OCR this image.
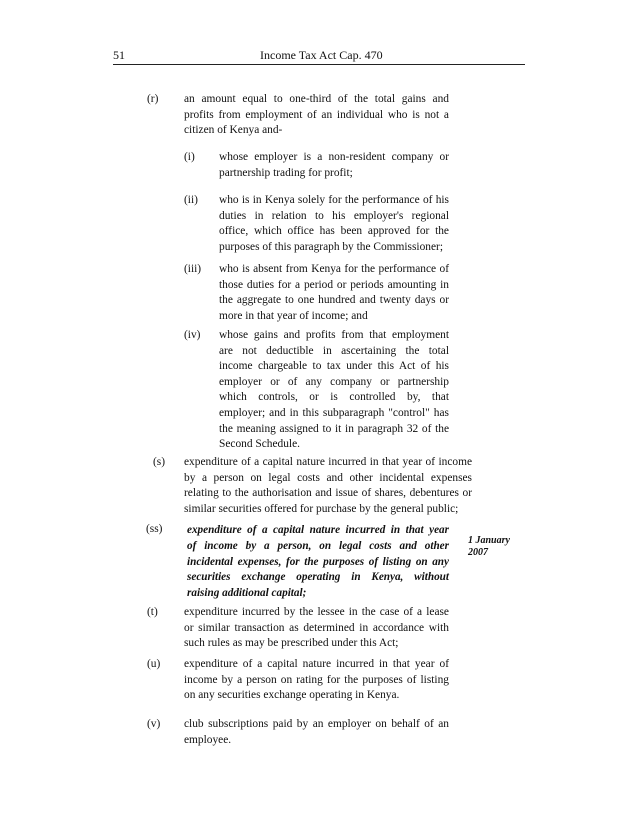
51	Income Tax Act Cap. 470
(r) an amount equal to one-third of the total gains and
profits from employment of an individual who is not a
citizen of Kenya and-
(i) whose employer is a non-resident company or
partnership trading for profit;
(ii) who is in Kenya solely for the performance of his
duties in relation to his employer's regional
office, which office has been approved for the
purposes of this paragraph by the Commissioner;
(iii) who is absent from Kenya for the performance of
those duties for a period or periods amounting in
the aggregate to one hundred and twenty days or
more in that year of income; and
(iv) whose gains and profits from that employment
are not deductible in ascertaining the total
income chargeable to tax under this Act of his
employer or of any company or partnership
which controls, or is controlled by, that
employer; and in this subparagraph "control" has
the meaning assigned to it in paragraph 32 of the
Second Schedule.
(s) expenditure of a capital nature incurred in that year of income
by a person on legal costs and other incidental expenses
relating to the authorisation and issue of shares, debentures or
similar securities offered for purchase by the general public;
(ss) expenditure of a capital nature incurred in that year
of income by a person, on legal costs and other
incidental expenses, for the purposes of listing on any
securities exchange operating in Kenya, without
raising additional capital;
1 January
2007
(t) expenditure incurred by the lessee in the case of a lease
or similar transaction as determined in accordance with
such rules as may be prescribed under this Act;
(u) expenditure of a capital nature incurred in that year of
income by a person on rating for the purposes of listing
on any securities exchange operating in Kenya.
(v) club subscriptions paid by an employer on behalf of an
employee.
